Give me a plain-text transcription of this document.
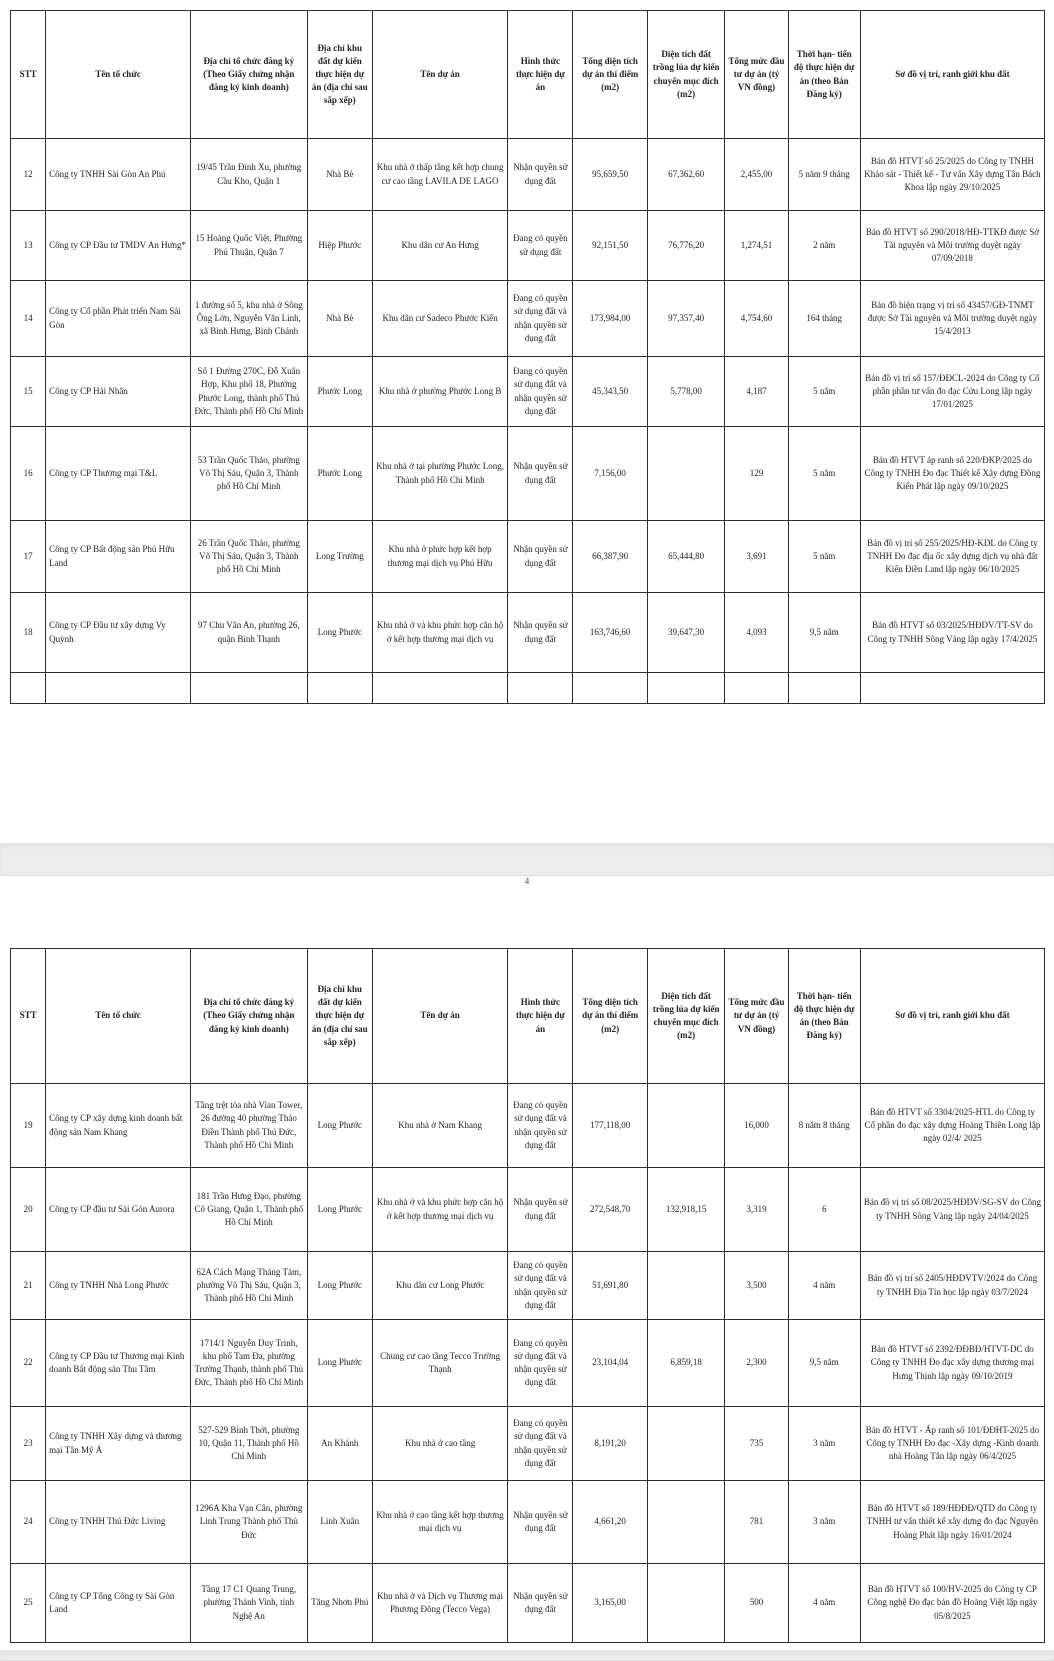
STT	Tên tổ chức	Địa chỉ tổ chức đăng ký (Theo Giấy chứng nhận đăng ký kinh doanh)	Địa chỉ khu đất dự kiến thực hiện dự án (địa chỉ sau sắp xếp)	Tên dự án	Hình thức thực hiện dự án	Tổng diện tích dự án thí điểm (m2)	Diện tích đất trồng lúa dự kiến chuyển mục đích (m2)	Tổng mức đầu tư dự án (tỷ VN đồng)	Thời hạn- tiến độ thực hiện dự án (theo Bản Đăng ký)	Sơ đồ vị trí, ranh giới khu đất
12	Công ty TNHH Sài Gòn An Phú	19/45 Trần Đình Xu, phường Cầu Kho, Quận 1	Nhà Bè	Khu nhà ở thấp tầng kết hợp chung cư cao tầng LAVILA DE LAGO	Nhận quyền sử dụng đất	95,659,50	67,362,60	2,455,00	5 năm 9 tháng	Bản đồ HTVT số 25/2025 do Công ty TNHH Khảo sát - Thiết kế - Tư vấn Xây dựng Tân Bách Khoa lập ngày 29/10/2025
13	Công ty CP Đầu tư TMDV An Hưng*	15 Hoàng Quốc Việt, Phường Phú Thuận, Quận 7	Hiệp Phước	Khu dân cư An Hưng	Đang có quyền sử dụng đất	92,151,50	76,776,20	1,274,51	2 năm	Bản đồ HTVT số 290/2018/HĐ-TTKĐ được Sở Tài nguyên và Môi trường duyệt ngày 07/09/2018
14	Công ty Cổ phần Phát triển Nam Sài Gòn	1 đường số 5, khu nhà ở Sông Ông Lớn, Nguyễn Văn Linh, xã Bình Hưng, Bình Chánh	Nhà Bè	Khu dân cư Sadeco Phước Kiển	Đang có quyền sử dụng đất và nhận quyền sử dụng đất	173,984,00	97,357,40	4,754,60	164 tháng	Bản đồ hiện trạng vị trí số 43457/GĐ-TNMT được Sở Tài nguyên và Môi trường duyệt ngày 15/4/2013
15	Công ty CP Hải Nhân	Số 1 Đường 270C, Đỗ Xuân Hợp, Khu phố 18, Phường Phước Long, thành phố Thủ Đức, Thành phố Hồ Chí Minh	Phước Long	Khu nhà ở phường Phước Long B	Đang có quyền sử dụng đất và nhận quyền sử dụng đất	45,343,50	5,778,00	4,187	5 năm	Bản đồ vị trí số 157/ĐĐCL-2024 do Công ty Cổ phần phần tư vấn đo đạc Cửu Long lập ngày 17/01/2025
16	Công ty CP Thương mại T&L	53 Trần Quốc Thảo, phường Võ Thị Sáu, Quận 3, Thành phố Hồ Chí Minh	Phước Long	Khu nhà ở tại phường Phước Long, Thành phố Hồ Chí Minh	Nhận quyền sử dụng đất	7,156,00		129	5 năm	Bản đồ HTVT áp ranh số 220/ĐKP/2025 do Công ty TNHH Đo đạc Thiết kế Xây dựng Đồng Kiến Phát lập ngày 09/10/2025
17	Công ty CP Bất động sản Phú Hữu Land	26 Trần Quốc Thảo, phường Võ Thị Sáu, Quận 3, Thành phố Hồ Chí Minh	Long Trường	Khu nhà ở phức hợp kết hợp thương mại dịch vụ Phú Hữu	Nhận quyền sử dụng đất	66,387,90	65,444,80	3,691	5 năm	Bản đồ vị trí số 255/2025/HĐ-KDL do Công ty TNHH Đo đạc địa ốc xây dựng dịch vụ nhà đất Kiến Điền Land lập ngày 06/10/2025
18	Công ty CP Đầu tư xây dựng Vy Quỳnh	97 Chu Văn An, phường 26, quận Bình Thạnh	Long Phước	Khu nhà ở và khu phức hợp căn hộ ở kết hợp thương mại dịch vụ	Nhận quyền sử dụng đất	163,746,60	39,647,30	4,093	9,5 năm	Bản đồ HTVT số 03/2025/HĐDV/TT-SV do Công ty TNHH Sông Vàng lập ngày 17/4/2025

4
STT	Tên tổ chức	Địa chỉ tổ chức đăng ký (Theo Giấy chứng nhận đăng ký kinh doanh)	Địa chỉ khu đất dự kiến thực hiện dự án (địa chỉ sau sắp xếp)	Tên dự án	Hình thức thực hiện dự án	Tổng diện tích dự án thí điểm (m2)	Diện tích đất trồng lúa dự kiến chuyển mục đích (m2)	Tổng mức đầu tư dự án (tỷ VN đồng)	Thời hạn- tiến độ thực hiện dự án (theo Bản Đăng ký)	Sơ đồ vị trí, ranh giới khu đất
19	Công ty CP xây dựng kinh doanh bất động sản Nam Khang	Tầng trệt tòa nhà Vian Tower, 26 đường 40 phường Thảo Điền Thành phố Thủ Đức, Thành phố Hồ Chí Minh	Long Phước	Khu nhà ở Nam Khang	Đang có quyền sử dụng đất và nhận quyền sử dụng đất	177,118,00		16,000	8 năm 8 tháng	Bản đồ HTVT số 3304/2025-HTL do Công ty Cổ phần đo đạc xây dựng Hoàng Thiên Long lập ngày 02/4/ 2025
20	Công ty CP đầu tư Sài Gòn Aurora	181 Trần Hưng Đạo, phường Cô Giang, Quận 1, Thành phố Hồ Chí Minh	Long Phước	Khu nhà ở và khu phức hợp căn hộ ở kết hợp thương mại dịch vụ	Nhận quyền sử dụng đất	272,548,70	132,918,15	3,319	6	Bản đồ vị trí số 08/2025/HĐDV/SG-SV do Công ty TNHH Sông Vàng lập ngày 24/04/2025
21	Công ty TNHH Nhà Long Phước	62A Cách Mạng Tháng Tám, phường Võ Thị Sáu, Quận 3, Thành phố Hồ Chí Minh	Long Phước	Khu dân cư Long Phước	Đang có quyền sử dụng đất và nhận quyền sử dụng đất	51,691,80		3,500	4 năm	Bản đồ vị trí số 2405/HĐDVTV/2024 do Công ty TNHH Địa Tín học lập ngày 03/7/2024
22	Công ty CP Đầu tư Thương mại Kinh doanh Bất động sản Thu Tâm	1714/1 Nguyễn Duy Trinh, khu phố Tam Đa, phường Trường Thạnh, thành phố Thủ Đức, Thành phố Hồ Chí Minh	Long Phước	Chung cư cao tầng Tecco Trường Thạnh	Đang có quyền sử dụng đất và nhận quyền sử dụng đất	23,104,04	6,859,18	2,300	9,5 năm	Bản đồ HTVT số 2392/ĐĐBĐ/HTVT-DC do Công ty TNHH Đo đạc xây dựng thương mại Hưng Thịnh lập ngày 09/10/2019
23	Công ty TNHH Xây dựng và thương mại Tân Mỹ Á	527-529 Bình Thới, phường 10, Quận 11, Thành phố Hồ Chí Minh	An Khánh	Khu nhà ở cao tầng	Đang có quyền sử dụng đất và nhận quyền sử dụng đất	8,191,20		735	3 năm	Bản đồ HTVT - Áp ranh số 101/ĐĐHT-2025 do Công ty TNHH Đo đạc -Xây dựng -Kinh doanh nhà Hoàng Tân lập ngày 06/4/2025
24	Công ty TNHH Thủ Đức Living	1296A Kha Vạn Cân, phường Linh Trung Thành phố Thủ Đức	Linh Xuân	Khu nhà ở cao tầng kết hợp thương mại dịch vụ	Nhận quyền sử dụng đất	4,661,20		781	3 năm	Bản đồ HTVT số 189/HĐĐĐ/QTD do Công ty TNHH tư vấn thiết kế xây dựng đo đạc Nguyên Hoàng Phát lập ngày 16/01/2024
25	Công ty CP Tổng Công ty Sài Gòn Land	Tầng 17 C1 Quang Trung, phường Thành Vinh, tỉnh Nghệ An	Tăng Nhơn Phú	Khu nhà ở và Dịch vụ Thương mại Phương Đông (Tecco Vega)	Nhận quyền sử dụng đất	3,165,00		500	4 năm	Bản đồ HTVT số 100/HV-2025 do Công ty CP Công nghệ Đo đạc bản đồ Hoàng Việt lập ngày 05/8/2025
